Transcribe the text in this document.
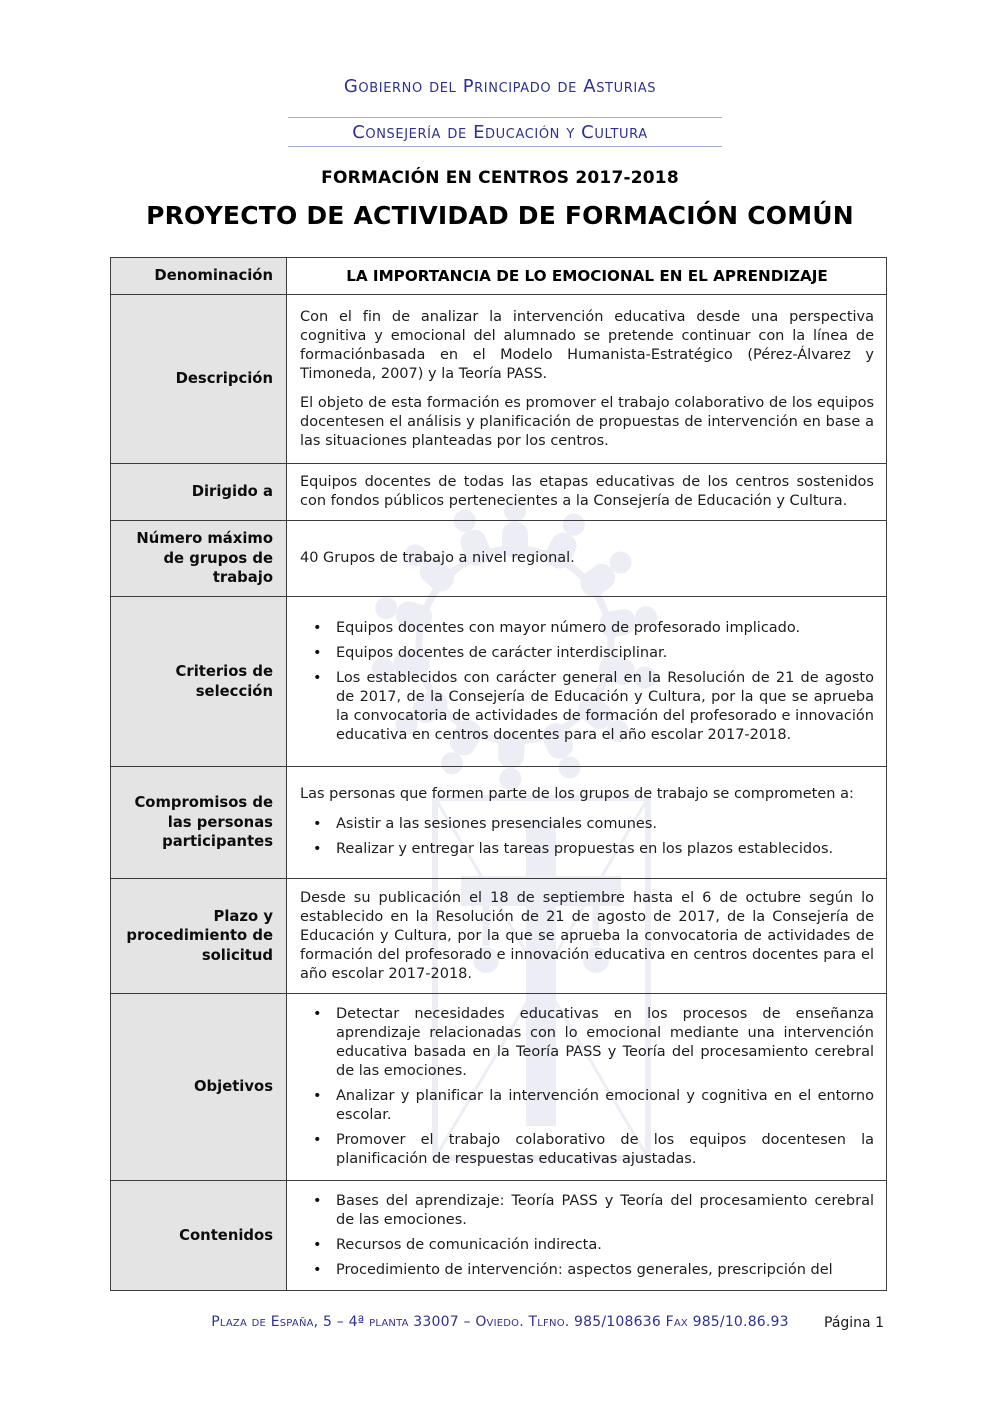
Gobierno del Principado de Asturias
Consejería de Educación y Cultura
FORMACIÓN EN CENTROS 2017-2018
PROYECTO DE ACTIVIDAD DE FORMACIÓN COMÚN
Denominación	LA IMPORTANCIA DE LO EMOCIONAL EN EL APRENDIZAJE
Descripción

Con el fin de analizar la intervención educativa desde una perspectiva cognitiva y emocional del alumnado se pretende continuar con la línea de formaciónbasada en el Modelo Humanista-Estratégico (Pérez-Álvarez y Timoneda, 2007) y la Teoría PASS.

El objeto de esta formación es promover el trabajo colaborativo de los equipos docentesen el análisis y planificación de propuestas de intervención en base a las situaciones planteadas por los centros.

Dirigido a

Equipos docentes de todas las etapas educativas de los centros sostenidos con fondos públicos pertenecientes a la Consejería de Educación y Cultura.

Número máximo de grupos de trabajo

40 Grupos de trabajo a nivel regional.

Criterios de selección
• Equipos docentes con mayor número de profesorado implicado.
• Equipos docentes de carácter interdisciplinar.
• Los establecidos con carácter general en la Resolución de 21 de agosto de 2017, de la Consejería de Educación y Cultura, por la que se aprueba la convocatoria de actividades de formación del profesorado e innovación educativa en centros docentes para el año escolar 2017-2018.
Compromisos de las personas participantes

Las personas que formen parte de los grupos de trabajo se comprometen a:

• Asistir a las sesiones presenciales comunes.
• Realizar y entregar las tareas propuestas en los plazos establecidos.
Plazo y procedimiento de solicitud

Desde su publicación el 18 de septiembre hasta el 6 de octubre según lo establecido en la Resolución de 21 de agosto de 2017, de la Consejería de Educación y Cultura, por la que se aprueba la convocatoria de actividades de formación del profesorado e innovación educativa en centros docentes para el año escolar 2017-2018.

Objetivos
• Detectar necesidades educativas en los procesos de enseñanza aprendizaje relacionadas con lo emocional mediante una intervención educativa basada en la Teoría PASS y Teoría del procesamiento cerebral de las emociones.
• Analizar y planificar la intervención emocional y cognitiva en el entorno escolar.
• Promover el trabajo colaborativo de los equipos docentesen la planificación de respuestas educativas ajustadas.
Contenidos
• Bases del aprendizaje: Teoría PASS y Teoría del procesamiento cerebral de las emociones.
• Recursos de comunicación indirecta.
• Procedimiento de intervención: aspectos generales, prescripción del
Plaza de España, 5 – 4ª planta 33007 – Oviedo. Tlfno. 985/108636 Fax 985/10.86.93	Página 1
